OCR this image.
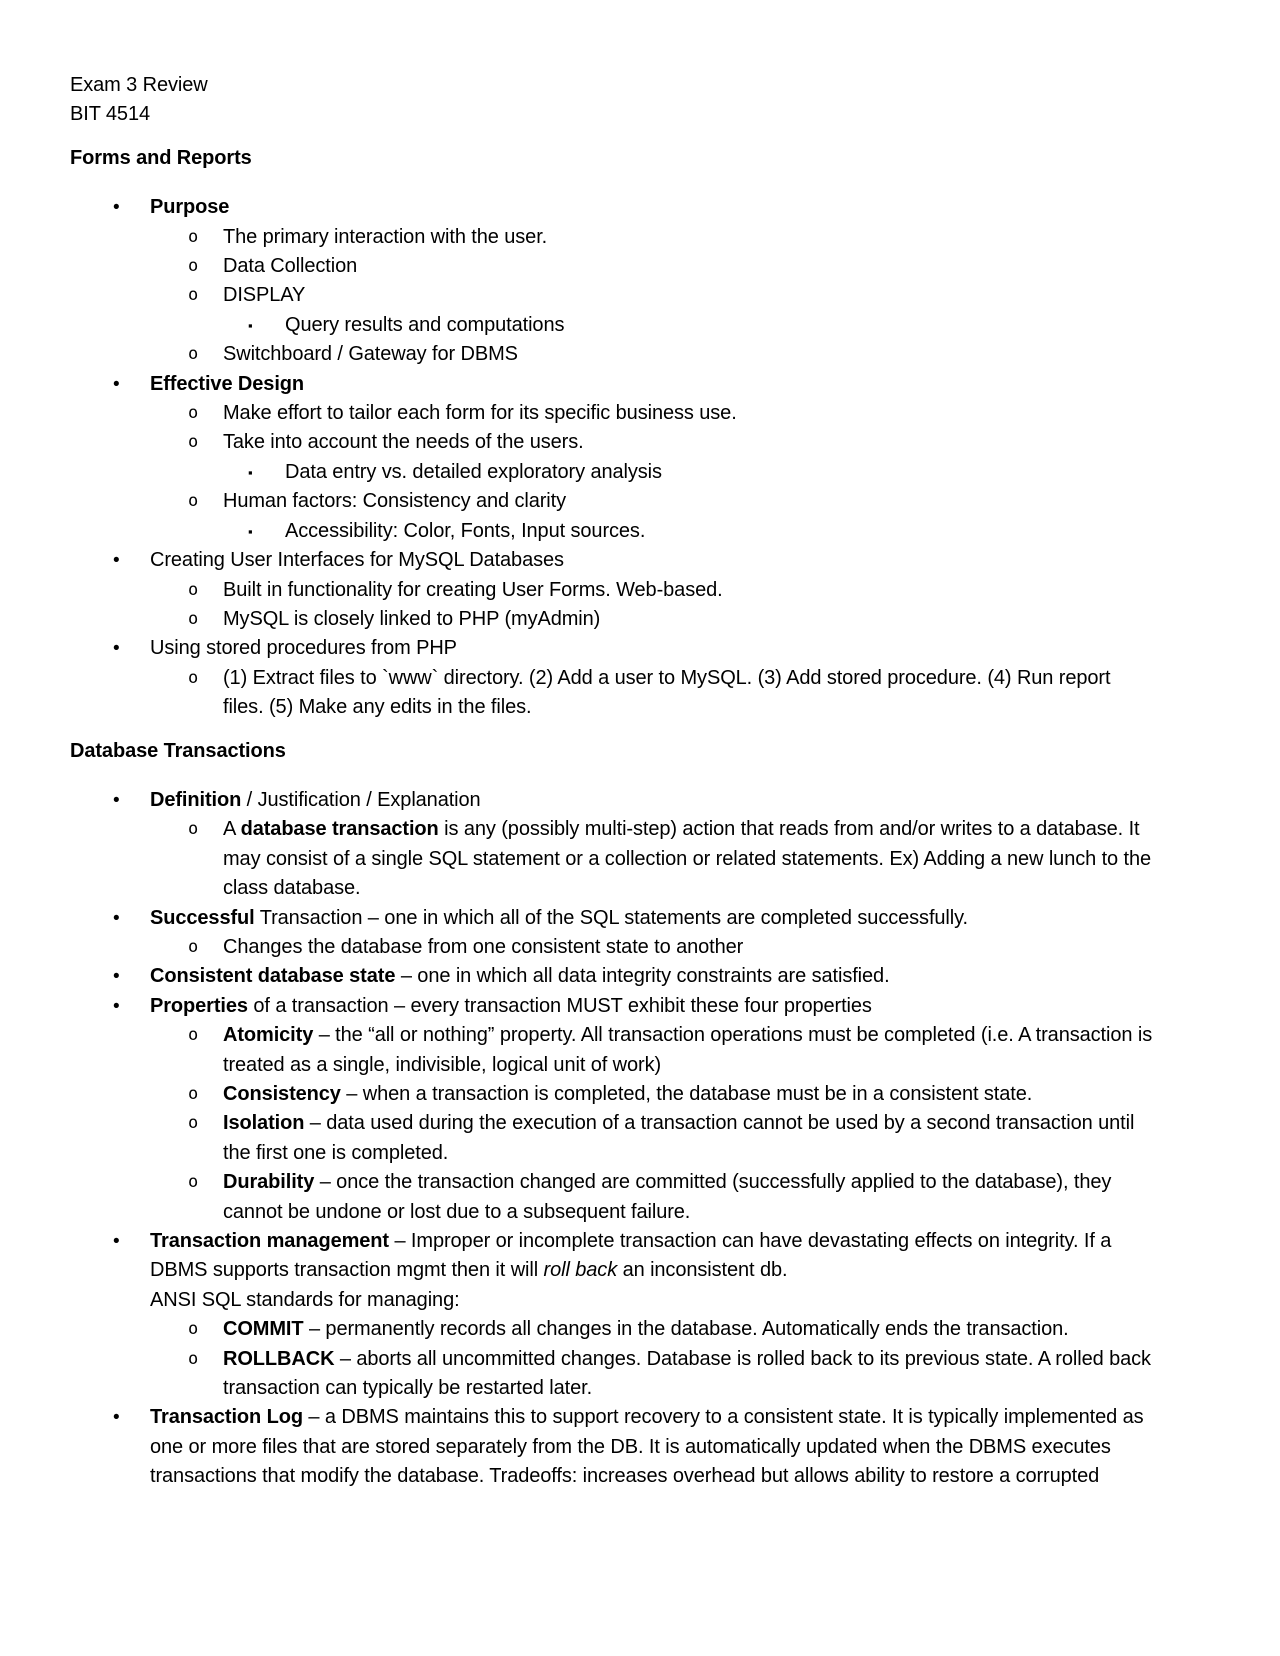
Exam 3 Review
BIT 4514
Forms and Reports
• Purpose
o The primary interaction with the user.
o Data Collection
o DISPLAY
▪ Query results and computations
o Switchboard / Gateway for DBMS
• Effective Design
o Make effort to tailor each form for its specific business use.
o Take into account the needs of the users.
▪ Data entry vs. detailed exploratory analysis
o Human factors: Consistency and clarity
▪ Accessibility: Color, Fonts, Input sources.
• Creating User Interfaces for MySQL Databases
o Built in functionality for creating User Forms. Web-based.
o MySQL is closely linked to PHP (myAdmin)
• Using stored procedures from PHP
o (1) Extract files to `www` directory. (2) Add a user to MySQL. (3) Add stored procedure. (4) Run report files. (5) Make any edits in the files.
Database Transactions
• Definition / Justification / Explanation
o A database transaction is any (possibly multi-step) action that reads from and/or writes to a database. It may consist of a single SQL statement or a collection or related statements. Ex) Adding a new lunch to the class database.
• Successful Transaction – one in which all of the SQL statements are completed successfully.
o Changes the database from one consistent state to another
• Consistent database state – one in which all data integrity constraints are satisfied.
• Properties of a transaction – every transaction MUST exhibit these four properties
o Atomicity – the “all or nothing” property. All transaction operations must be completed (i.e. A transaction is treated as a single, indivisible, logical unit of work)
o Consistency – when a transaction is completed, the database must be in a consistent state.
o Isolation – data used during the execution of a transaction cannot be used by a second transaction until the first one is completed.
o Durability – once the transaction changed are committed (successfully applied to the database), they cannot be undone or lost due to a subsequent failure.
• Transaction management – Improper or incomplete transaction can have devastating effects on integrity. If a DBMS supports transaction mgmt then it will roll back an inconsistent db.
ANSI SQL standards for managing:
o COMMIT – permanently records all changes in the database. Automatically ends the transaction.
o ROLLBACK – aborts all uncommitted changes. Database is rolled back to its previous state. A rolled back transaction can typically be restarted later.
• Transaction Log – a DBMS maintains this to support recovery to a consistent state. It is typically implemented as one or more files that are stored separately from the DB. It is automatically updated when the DBMS executes transactions that modify the database. Tradeoffs: increases overhead but allows ability to restore a corrupted
